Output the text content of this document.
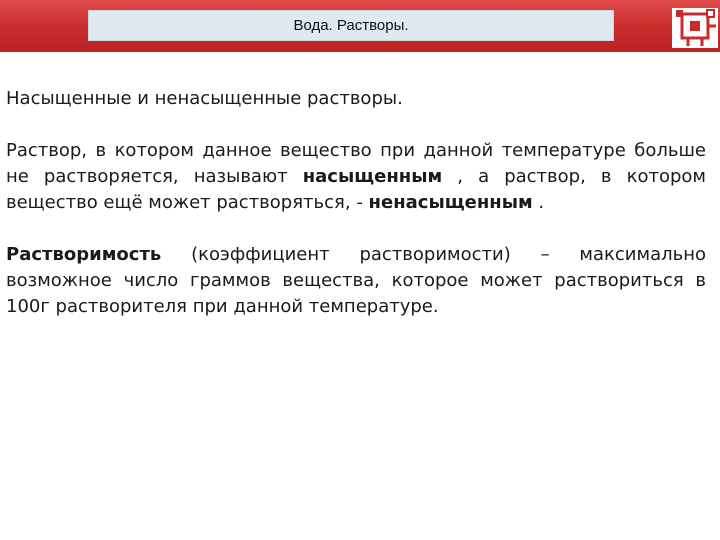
Вода. Растворы.

Насыщенные и ненасыщенные растворы.

Раствор, в котором данное вещество при данной температуре больше не растворяется, называют насыщенным , а раствор, в котором вещество ещё может растворяться, - ненасыщенным .

Растворимость (коэффициент растворимости) – максимально возможное число граммов вещества, которое может раствориться в 100г растворителя при данной температуре.
